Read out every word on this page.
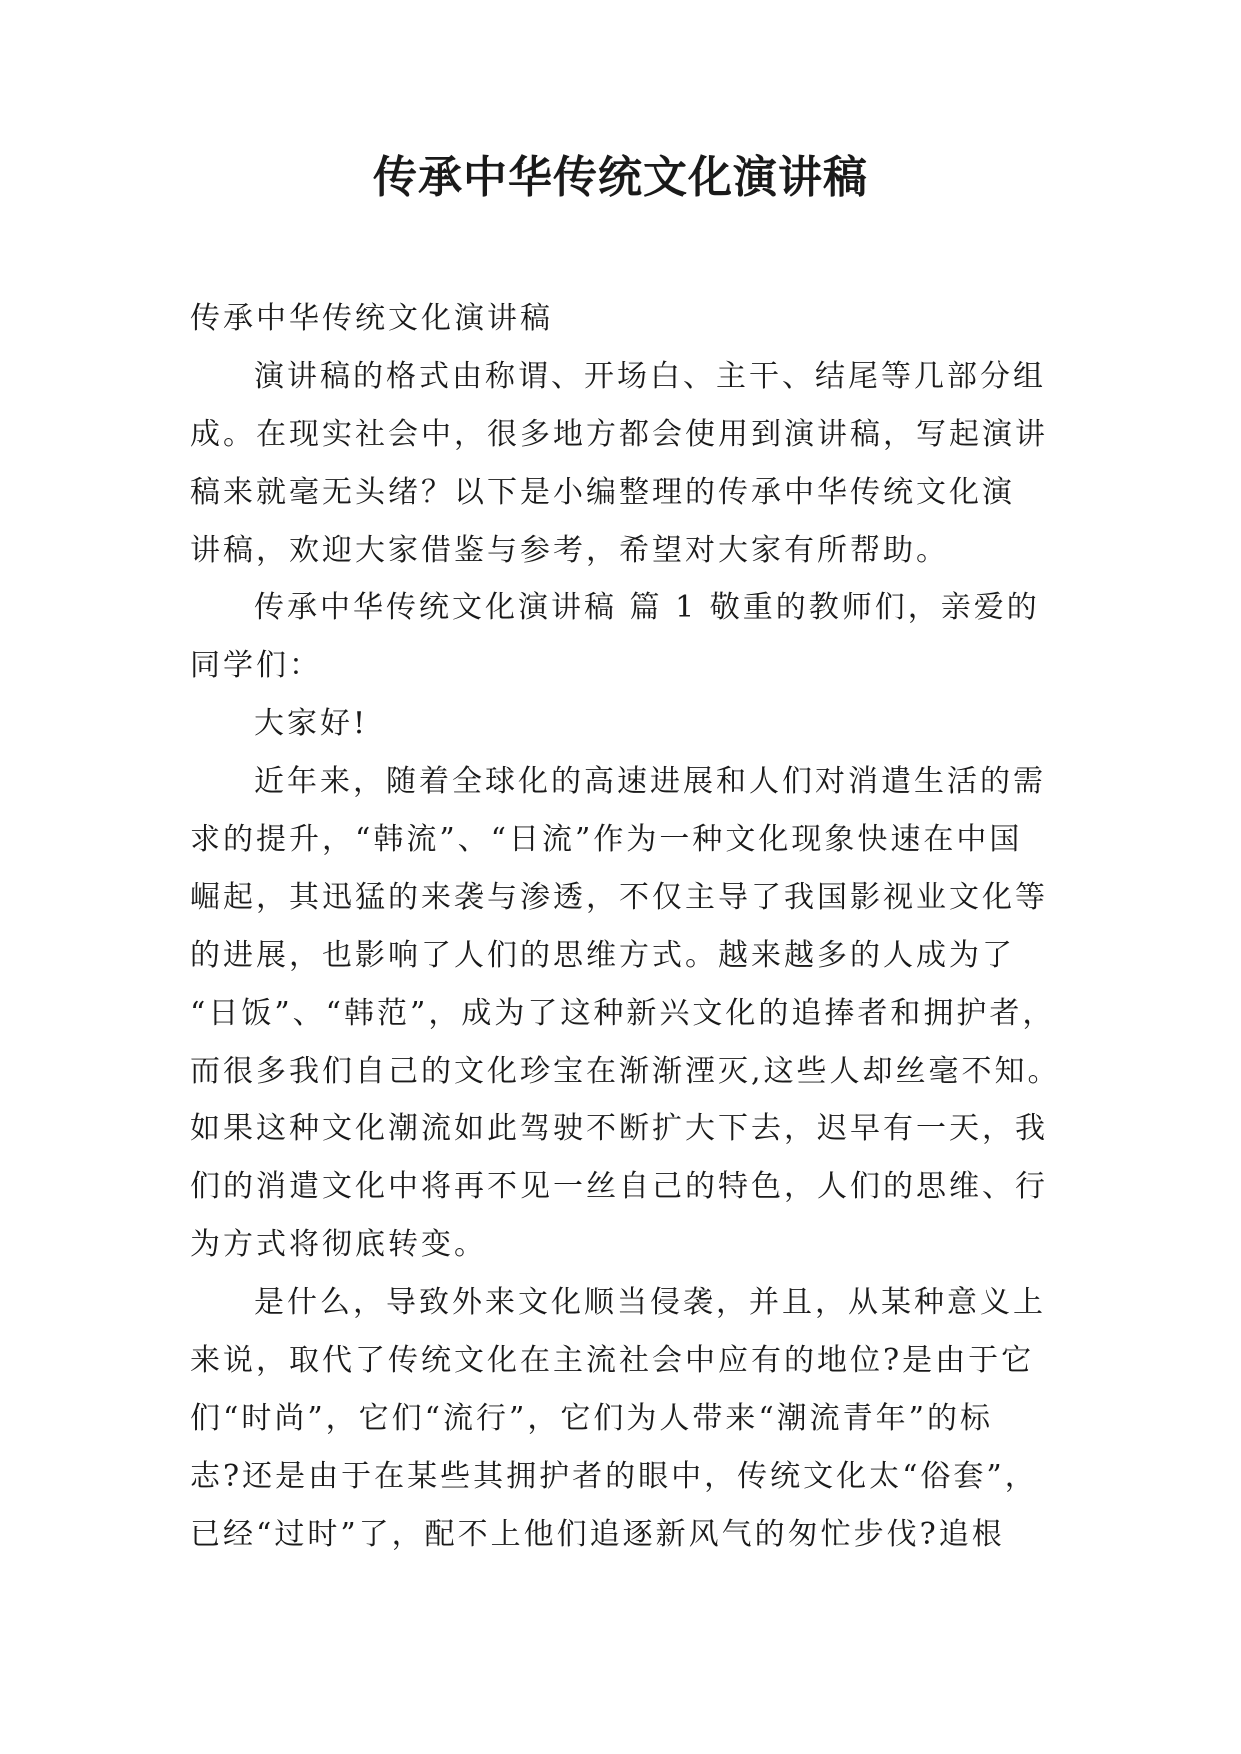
传承中华传统文化演讲稿

传承中华传统文化演讲稿

演讲稿的格式由称谓、开场白、主干、结尾等几部分组

成。在现实社会中，很多地方都会使用到演讲稿，写起演讲

稿来就毫无头绪？以下是小编整理的传承中华传统文化演

讲稿，欢迎大家借鉴与参考，希望对大家有所帮助。

传承中华传统文化演讲稿 篇 1 敬重的教师们，亲爱的

同学们：

大家好!

近年来，随着全球化的高速进展和人们对消遣生活的需

求的提升，“韩流”、“日流”作为一种文化现象快速在中国

崛起，其迅猛的来袭与渗透，不仅主导了我国影视业文化等

的进展，也影响了人们的思维方式。越来越多的人成为了

“日饭”、“韩范”，成为了这种新兴文化的追捧者和拥护者，

而很多我们自己的文化珍宝在渐渐湮灭,这些人却丝毫不知。

如果这种文化潮流如此驾驶不断扩大下去，迟早有一天，我

们的消遣文化中将再不见一丝自己的特色，人们的思维、行

为方式将彻底转变。

是什么，导致外来文化顺当侵袭，并且，从某种意义上

来说，取代了传统文化在主流社会中应有的地位?是由于它

们“时尚”，它们“流行”，它们为人带来“潮流青年”的标

志?还是由于在某些其拥护者的眼中，传统文化太“俗套”，

已经“过时”了，配不上他们追逐新风气的匆忙步伐?追根
